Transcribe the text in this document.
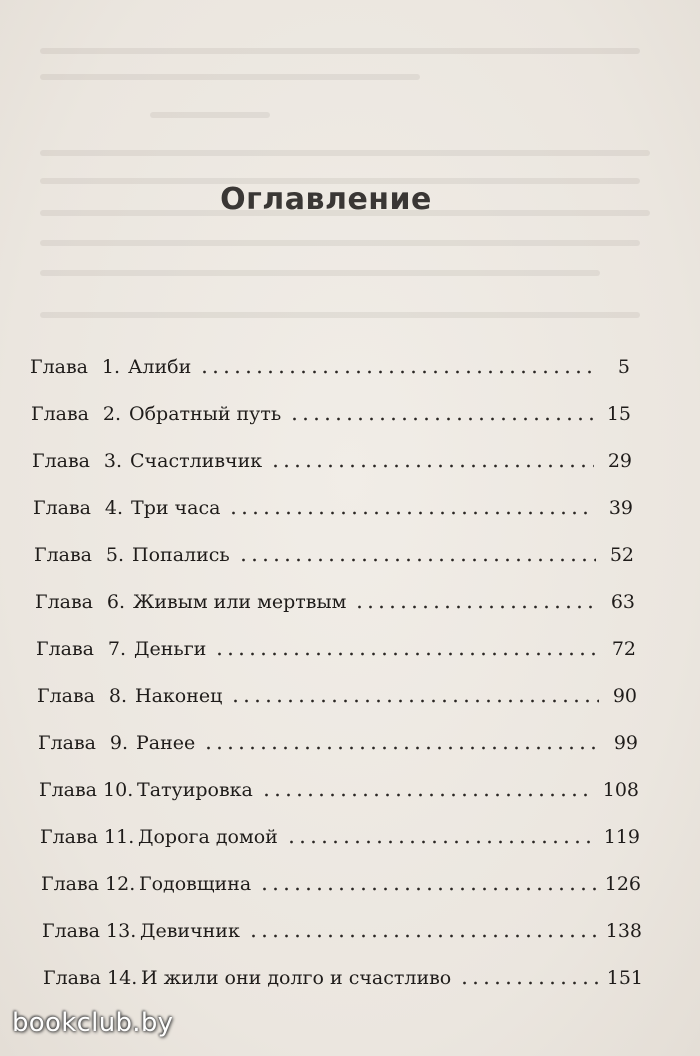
Оглавление
Глава 1. Алиби	5
Глава 2. Обратный путь	15
Глава 3. Счастливчик	29
Глава 4. Три часа	39
Глава 5. Попались	52
Глава 6. Живым или мертвым	63
Глава 7. Деньги	72
Глава 8. Наконец	90
Глава 9. Ранее	99
Глава 10. Татуировка	108
Глава 11. Дорога домой	119
Глава 12. Годовщина	126
Глава 13. Девичник	138
Глава 14. И жили они долго и счастливо	151
bookclub.by
